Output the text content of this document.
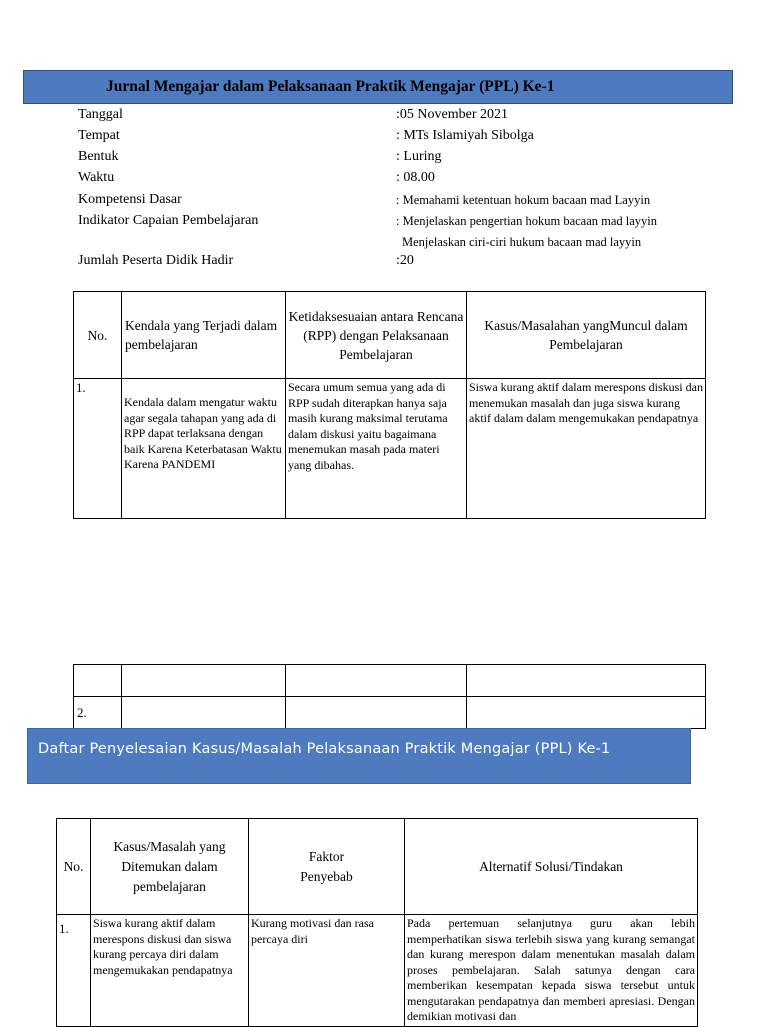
Jurnal Mengajar dalam Pelaksanaan Praktik Mengajar (PPL) Ke-1
Tanggal	:05 November 2021
Tempat	: MTs Islamiyah Sibolga
Bentuk	: Luring
Waktu	: 08.00
Kompetensi Dasar	: Memahami ketentuan hokum bacaan mad Layyin
Indikator Capaian Pembelajaran	: Menjelaskan pengertian hokum bacaan mad layyin
Menjelaskan ciri-ciri hukum bacaan mad layyin
Jumlah Peserta Didik Hadir	:20
No.	Kendala yang Terjadi dalam pembelajaran	Ketidaksesuaian antara Rencana (RPP) dengan Pelaksanaan Pembelajaran	Kasus/Masalahan yangMuncul dalam Pembelajaran

1.	Kendala dalam mengatur waktu agar segala tahapan yang ada di RPP dapat terlaksana dengan baik Karena Keterbatasan Waktu Karena PANDEMI	Secara umum semua yang ada di RPP sudah diterapkan hanya saja masih kurang maksimal terutama dalam diskusi yaitu bagaimana menemukan masah pada materi yang dibahas.	Siswa kurang aktif dalam merespons diskusi dan menemukan masalah dan juga siswa kurang aktif dalam dalam mengemukakan pendapatnya

2.			
Daftar Penyelesaian Kasus/Masalah Pelaksanaan Praktik Mengajar (PPL) Ke-1
No.	Kasus/Masalah yang Ditemukan dalam pembelajaran	Faktor Penyebab	Alternatif Solusi/Tindakan

1.	Siswa kurang aktif dalam merespons diskusi dan siswa kurang percaya diri dalam mengemukakan pendapatnya	Kurang motivasi dan rasa percaya diri	Pada pertemuan selanjutnya guru akan lebih memperhatikan siswa terlebih siswa yang kurang semangat dan kurang merespon dalam menentukan masalah dalam proses pembelajaran. Salah satunya dengan cara memberikan kesempatan kepada siswa tersebut untuk mengutarakan pendapatnya dan memberi apresiasi. Dengan demikian motivasi dan
